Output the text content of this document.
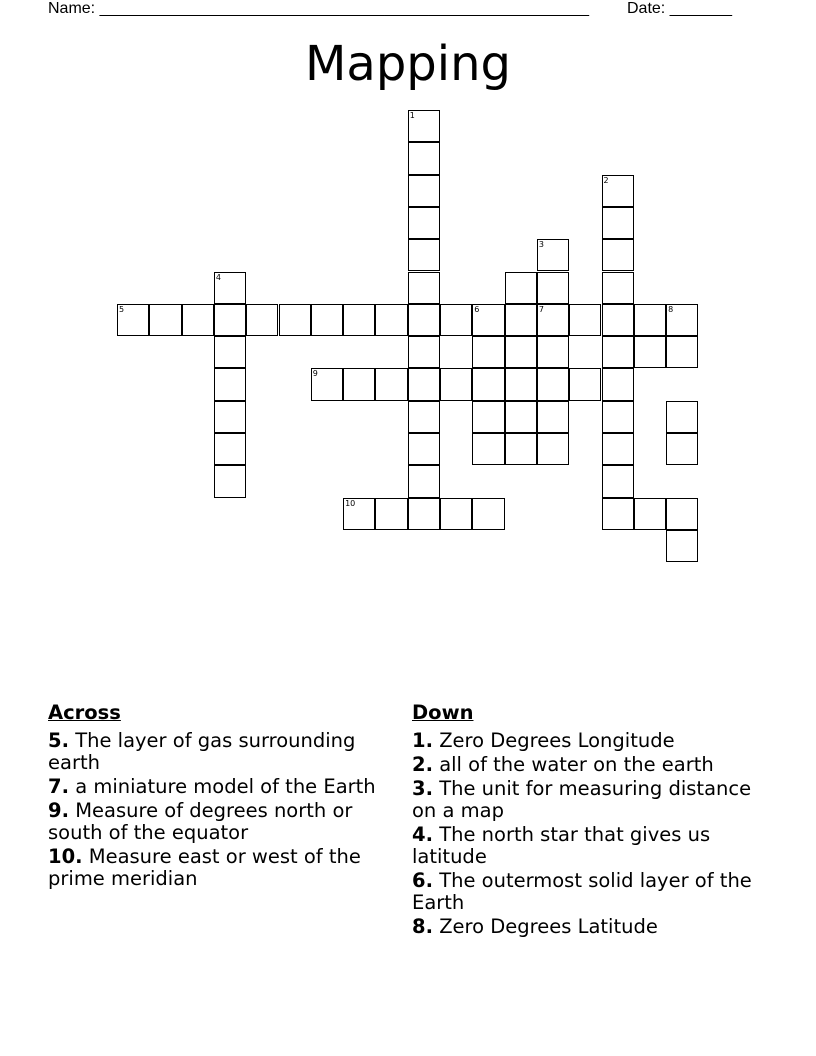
Name: _______________________________________________________ Date: _______
Mapping
1
2
3
7
4
5	6	8
9
10
Across
5. The layer of gas surrounding earth
7. a miniature model of the Earth
9. Measure of degrees north or south of the equator
10. Measure east or west of the prime meridian
Down
1. Zero Degrees Longitude
2. all of the water on the earth
3. The unit for measuring distance on a map
4. The north star that gives us latitude
6. The outermost solid layer of the Earth
8. Zero Degrees Latitude
